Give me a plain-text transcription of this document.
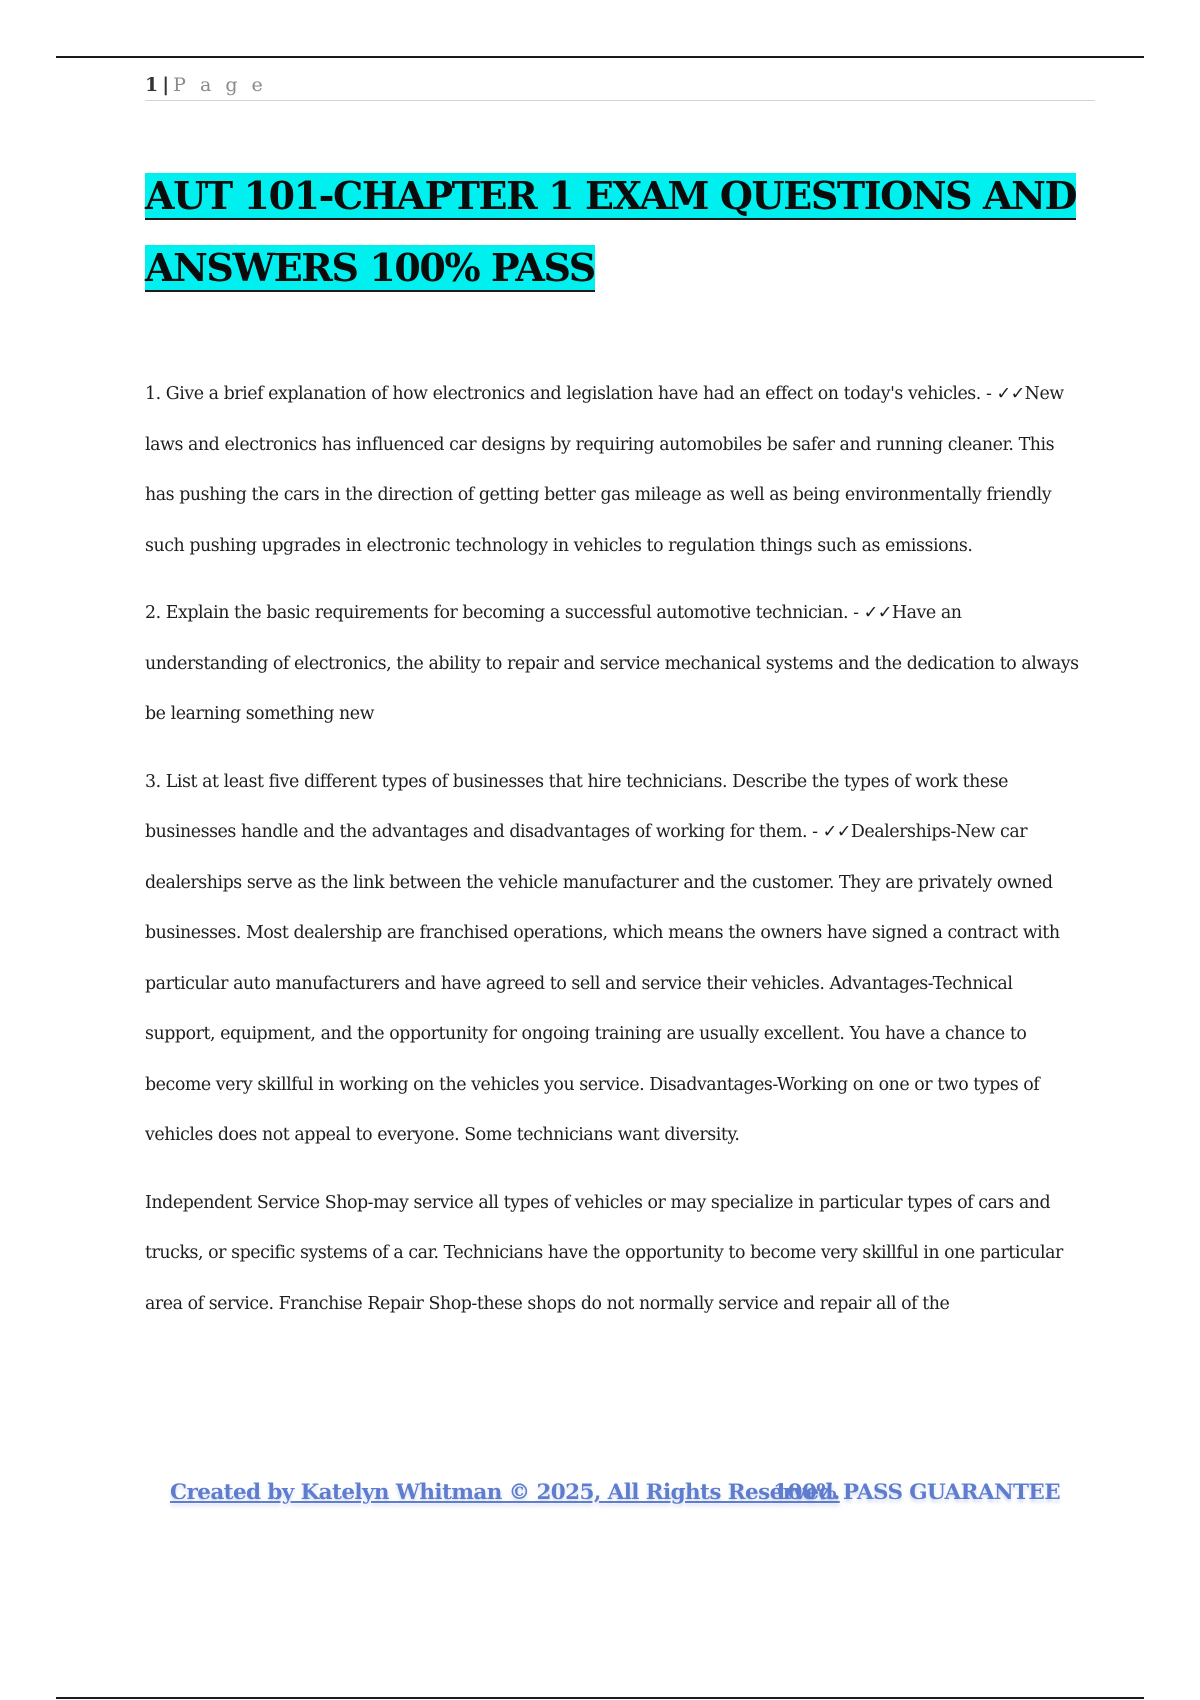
1 | P a g e
AUT 101-CHAPTER 1 EXAM QUESTIONS AND ANSWERS 100% PASS

1. Give a brief explanation of how electronics and legislation have had an effect on today's vehicles. - ✓✓New laws and electronics has influenced car designs by requiring automobiles be safer and running cleaner. This has pushing the cars in the direction of getting better gas mileage as well as being environmentally friendly such pushing upgrades in electronic technology in vehicles to regulation things such as emissions.

2. Explain the basic requirements for becoming a successful automotive technician. - ✓✓Have an understanding of electronics, the ability to repair and service mechanical systems and the dedication to always be learning something new

3. List at least five different types of businesses that hire technicians. Describe the types of work these businesses handle and the advantages and disadvantages of working for them. - ✓✓Dealerships-New car dealerships serve as the link between the vehicle manufacturer and the customer. They are privately owned businesses. Most dealership are franchised operations, which means the owners have signed a contract with particular auto manufacturers and have agreed to sell and service their vehicles. Advantages-Technical support, equipment, and the opportunity for ongoing training are usually excellent. You have a chance to become very skillful in working on the vehicles you service. Disadvantages-Working on one or two types of vehicles does not appeal to everyone. Some technicians want diversity.

Independent Service Shop-may service all types of vehicles or may specialize in particular types of cars and trucks, or specific systems of a car. Technicians have the opportunity to become very skillful in one particular area of service. Franchise Repair Shop-these shops do not normally service and repair all of the

Created by Katelyn Whitman © 2025, All Rights Reserved.
100% PASS GUARANTEE
